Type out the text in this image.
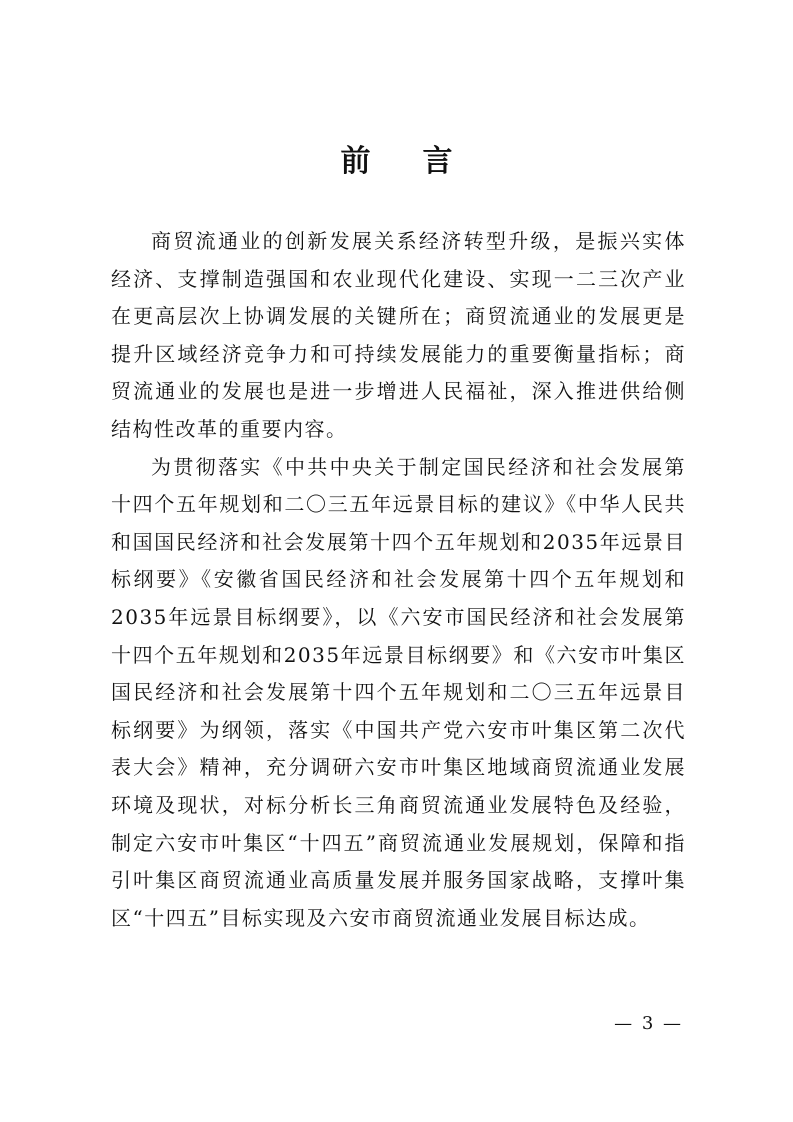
前言

商贸流通业的创新发展关系经济转型升级，是振兴实体经济、支撑制造强国和农业现代化建设、实现一二三次产业在更高层次上协调发展的关键所在；商贸流通业的发展更是提升区域经济竞争力和可持续发展能力的重要衡量指标；商贸流通业的发展也是进一步增进人民福祉，深入推进供给侧结构性改革的重要内容。

为贯彻落实《中共中央关于制定国民经济和社会发展第十四个五年规划和二〇三五年远景目标的建议》《中华人民共和国国民经济和社会发展第十四个五年规划和2035年远景目标纲要》《安徽省国民经济和社会发展第十四个五年规划和2035年远景目标纲要》，以《六安市国民经济和社会发展第十四个五年规划和2035年远景目标纲要》和《六安市叶集区国民经济和社会发展第十四个五年规划和二〇三五年远景目标纲要》为纲领，落实《中国共产党六安市叶集区第二次代表大会》精神，充分调研六安市叶集区地域商贸流通业发展环境及现状，对标分析长三角商贸流通业发展特色及经验，制定六安市叶集区“十四五”商贸流通业发展规划，保障和指引叶集区商贸流通业高质量发展并服务国家战略，支撑叶集区“十四五”目标实现及六安市商贸流通业发展目标达成。

— 3 —
